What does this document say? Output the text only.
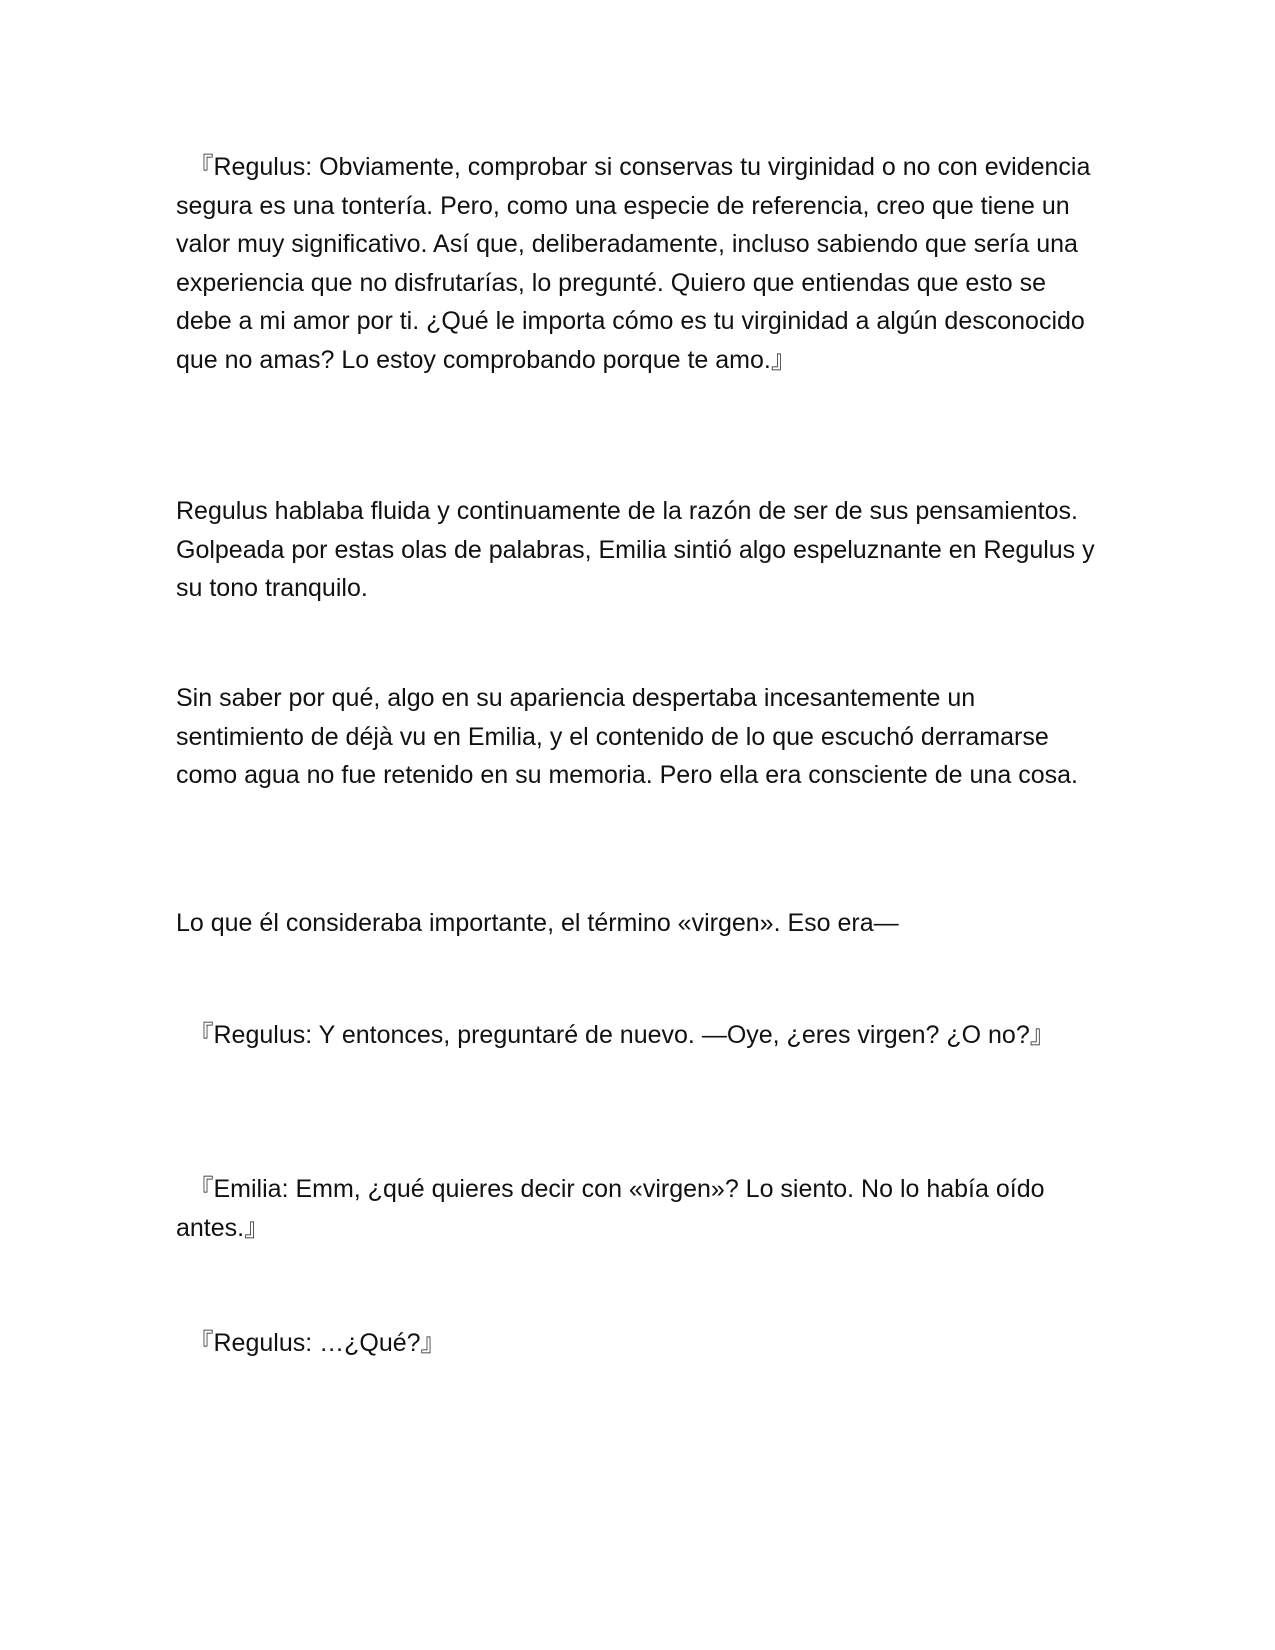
　『Regulus: Obviamente, comprobar si conservas tu virginidad o no con evidencia segura es una tontería. Pero, como una especie de referencia, creo que tiene un valor muy significativo. Así que, deliberadamente, incluso sabiendo que sería una experiencia que no disfrutarías, lo pregunté. Quiero que entiendas que esto se debe a mi amor por ti. ¿Qué le importa cómo es tu virginidad a algún desconocido que no amas? Lo estoy comprobando porque te amo.』

Regulus hablaba fluida y continuamente de la razón de ser de sus pensamientos. Golpeada por estas olas de palabras, Emilia sintió algo espeluznante en Regulus y su tono tranquilo.

Sin saber por qué, algo en su apariencia despertaba incesantemente un sentimiento de déjà vu en Emilia, y el contenido de lo que escuchó derramarse como agua no fue retenido en su memoria. Pero ella era consciente de una cosa.

Lo que él consideraba importante, el término «virgen». Eso era—

　『Regulus: Y entonces, preguntaré de nuevo. —Oye, ¿eres virgen? ¿O no?』

　『Emilia: Emm, ¿qué quieres decir con «virgen»? Lo siento. No lo había oído antes.』

　『Regulus: …¿Qué?』
